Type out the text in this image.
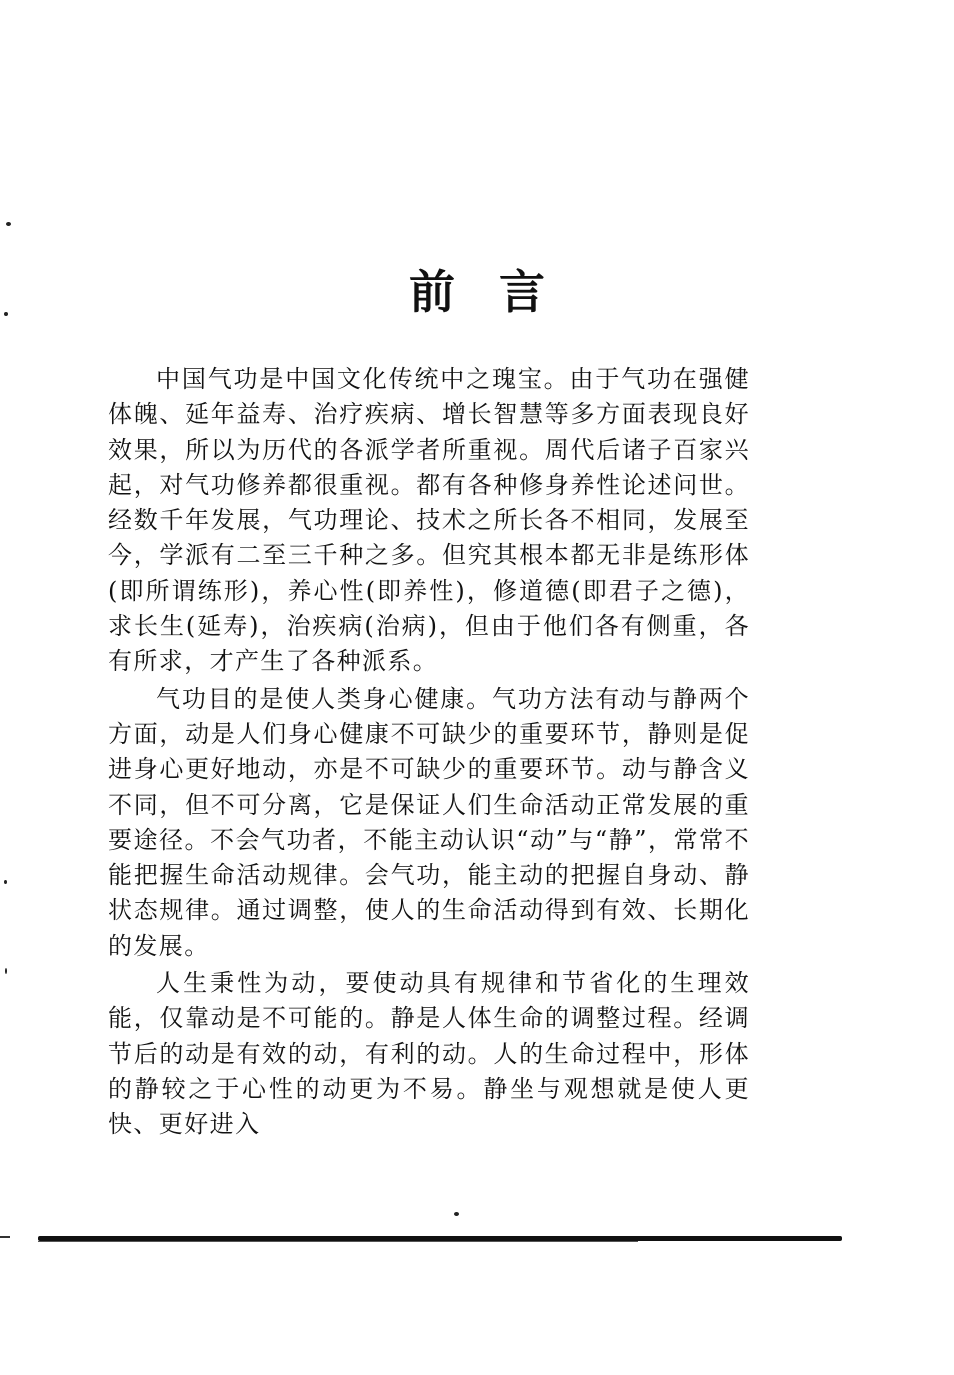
前言

中国气功是中国文化传统中之瑰宝。由于气功在强健体魄、延年益寿、治疗疾病、增长智慧等多方面表现良好效果，所以为历代的各派学者所重视。周代后诸子百家兴起，对气功修养都很重视。都有各种修身养性论述问世。经数千年发展，气功理论、技术之所长各不相同，发展至今，学派有二至三千种之多。但究其根本都无非是练形体(即所谓练形)，养心性(即养性)，修道德(即君子之德)，求长生(延寿)，治疾病(治病)，但由于他们各有侧重，各有所求，才产生了各种派系。

气功目的是使人类身心健康。气功方法有动与静两个方面，动是人们身心健康不可缺少的重要环节，静则是促进身心更好地动，亦是不可缺少的重要环节。动与静含义不同，但不可分离，它是保证人们生命活动正常发展的重要途径。不会气功者，不能主动认识“动”与“静”，常常不能把握生命活动规律。会气功，能主动的把握自身动、静状态规律。通过调整，使人的生命活动得到有效、长期化的发展。

人生秉性为动，要使动具有规律和节省化的生理效能，仅靠动是不可能的。静是人体生命的调整过程。经调节后的动是有效的动，有利的动。人的生命过程中，形体的静较之于心性的动更为不易。静坐与观想就是使人更快、更好进入
